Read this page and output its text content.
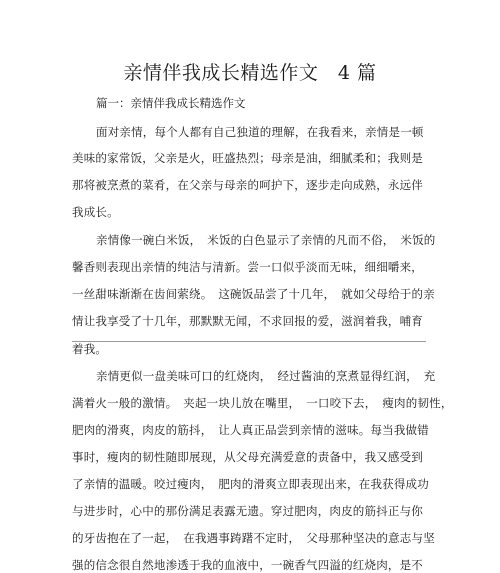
亲情伴我成长精选作文　4 篇
篇一：亲情伴我成长精选作文
面对亲情，每个人都有自己独道的理解，在我看来，亲情是一顿
美味的家常饭，父亲是火，旺盛热烈；母亲是油，细腻柔和；我则是
那将被烹煮的菜肴，在父亲与母亲的呵护下，逐步走向成熟，永远伴
我成长。
亲情像一碗白米饭，　米饭的白色显示了亲情的凡而不俗，　米饭的
馨香则表现出亲情的纯洁与清新。尝一口似乎淡而无味，细细嚼来，
一丝甜味渐渐在齿间萦绕。　这碗饭品尝了十几年，　就如父母给于的亲
情让我享受了十几年，那默默无闻，不求回报的爱，滋润着我，哺育
着我。
亲情更似一盘美味可口的红烧肉，　经过酱油的烹煮显得红润，　充
满着火一般的激情。　夹起一块儿放在嘴里，　一口咬下去，　瘦肉的韧性，
肥肉的滑爽，肉皮的筋抖，　让人真正品尝到亲情的滋味。每当我做错
事时，瘦肉的韧性随即展现，从父母充满爱意的责备中，我又感受到
了亲情的温暖。咬过瘦肉，　肥肉的滑爽立即表现出来，在我获得成功
与进步时，心中的那份满足表露无遗。穿过肥肉，肉皮的筋抖正与你
的牙齿抱在了一起，　在我遇事踌躇不定时，　父母那种坚决的意志与坚
强的信念很自然地渗透于我的血液中，一碗香气四溢的红烧肉，是不
